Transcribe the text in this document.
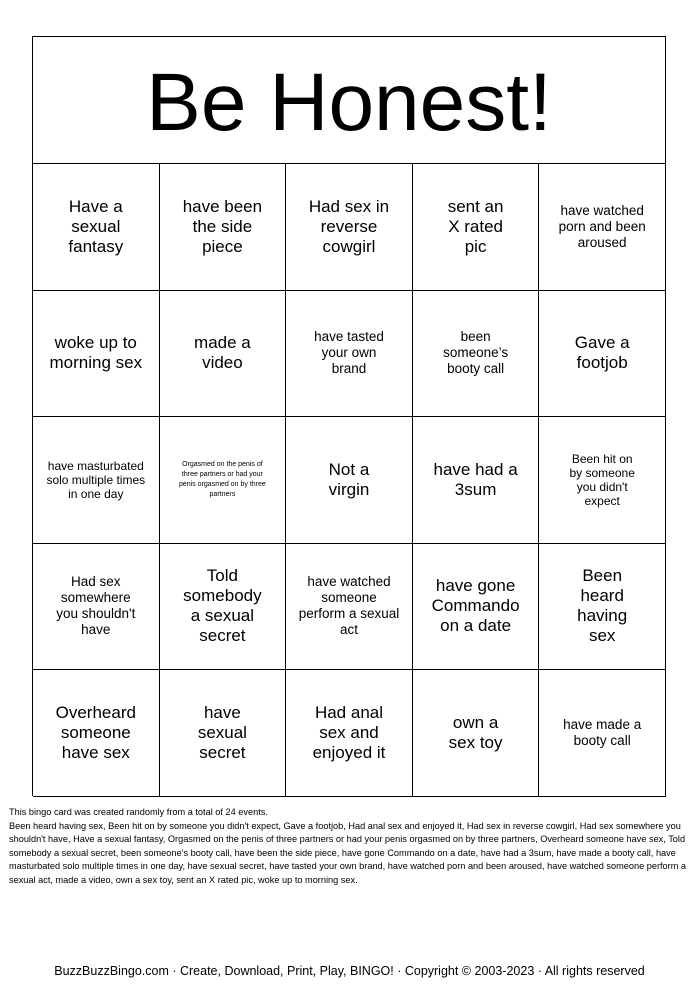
Be Honest!
Have a sexual fantasy
have been the side piece
Had sex in reverse cowgirl
sent an X rated pic
have watched porn and been aroused
woke up to morning sex
made a video
have tasted your own brand
been someone’s booty call
Gave a footjob
have masturbated solo multiple times in one day
Orgasmed on the penis of three partners or had your penis orgasmed on by three partners
Not a virgin
have had a 3sum
Been hit on by someone you didn't expect
Had sex somewhere you shouldn't have
Told somebody a sexual secret
have watched someone perform a sexual act
have gone Commando on a date
Been heard having sex
Overheard someone have sex
have sexual secret
Had anal sex and enjoyed it
own a sex toy
have made a booty call

This bingo card was created randomly from a total of 24 events.

Been heard having sex, Been hit on by someone you didn't expect, Gave a footjob, Had anal sex and enjoyed it, Had sex in reverse cowgirl, Had sex somewhere you shouldn't have, Have a sexual fantasy, Orgasmed on the penis of three partners or had your penis orgasmed on by three partners, Overheard someone have sex, Told somebody a sexual secret, been someone’s booty call, have been the side piece, have gone Commando on a date, have had a 3sum, have made a booty call, have masturbated solo multiple times in one day, have sexual secret, have tasted your own brand, have watched porn and been aroused, have watched someone perform a sexual act, made a video, own a sex toy, sent an X rated pic, woke up to morning sex.

BuzzBuzzBingo.com · Create, Download, Print, Play, BINGO! · Copyright © 2003-2023 · All rights reserved
